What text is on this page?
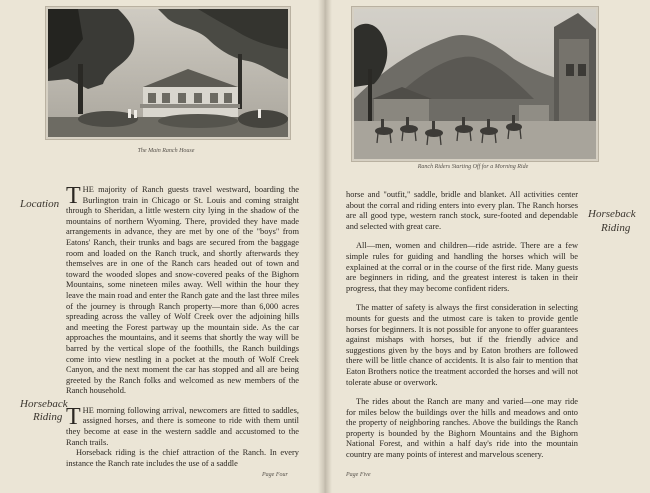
The Main Ranch House
Location
Horseback
Riding

THE majority of Ranch guests travel westward, boarding the Burlington train in Chicago or St. Louis and coming straight through to Sheridan, a little western city lying in the shadow of the mountains of northern Wyoming. There, provided they have made arrangements in advance, they are met by one of the "boys" from Eatons' Ranch, their trunks and bags are secured from the baggage room and loaded on the Ranch truck, and shortly afterwards they themselves are in one of the Ranch cars headed out of town and toward the wooded slopes and snow-covered peaks of the Bighorn Mountains, some nineteen miles away. Well within the hour they leave the main road and enter the Ranch gate and the last three miles of the journey is through Ranch property—more than 6,000 acres spreading across the valley of Wolf Creek over the adjoining hills and meeting the Forest partway up the mountain side. As the car approaches the mountains, and it seems that shortly the way will be barred by the vertical slope of the foothills, the Ranch buildings come into view nestling in a pocket at the mouth of Wolf Creek Canyon, and the next moment the car has stopped and all are being greeted by the Ranch folks and welcomed as new members of the Ranch household.

THE morning following arrival, newcomers are fitted to saddles, assigned horses, and there is someone to ride with them until they become at ease in the western saddle and accustomed to the Ranch trails.

Horseback riding is the chief attraction of the Ranch. In every instance the Ranch rate includes the use of a saddle

Page Four
Ranch Riders Starting Off for a Morning Ride
Horseback
Riding

horse and "outfit," saddle, bridle and blanket. All activities center about the corral and riding enters into every plan. The Ranch horses are all good type, western ranch stock, sure-footed and dependable and selected with great care.

All—men, women and children—ride astride. There are a few simple rules for guiding and handling the horses which will be explained at the corral or in the course of the first ride. Many guests are beginners in riding, and the greatest interest is taken in their progress, that they may become confident riders.

The matter of safety is always the first consideration in selecting mounts for guests and the utmost care is taken to provide gentle horses for beginners. It is not possible for anyone to offer guarantees against mishaps with horses, but if the friendly advice and suggestions given by the boys and by Eaton brothers are followed there will be little chance of accidents. It is also fair to mention that Eaton Brothers notice the treatment accorded the horses and will not tolerate abuse or overwork.

The rides about the Ranch are many and varied—one may ride for miles below the buildings over the hills and meadows and onto the property of neighboring ranches. Above the buildings the Ranch property is bounded by the Bighorn Mountains and the Bighorn National Forest, and within a half day's ride into the mountain country are many points of interest and marvelous scenery.

Page Five
